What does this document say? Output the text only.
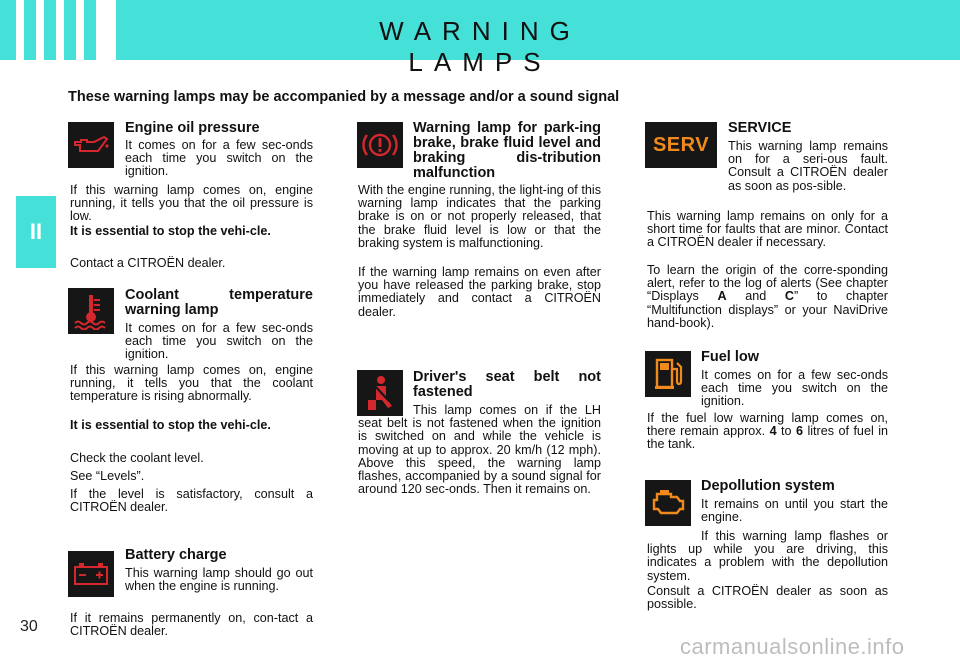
WARNING LAMPS
II
30
carmanualsonline.info
These warning lamps may be accompanied by a message and/or a sound signal
Engine oil pressure

It comes on for a few sec-onds each time you switch on the ignition.

If this warning lamp comes on, engine running, it tells you that the oil pressure is low.

It is essential to stop the vehi-cle.

Contact a CITROËN dealer.

Coolant temperature warning lamp

It comes on for a few sec-onds each time you switch on the ignition.

If this warning lamp comes on, engine running, it tells you that the coolant temperature is rising abnormally.

It is essential to stop the vehi-cle.

Check the coolant level.

See “Levels”.

If the level is satisfactory, consult a CITROËN dealer.

Battery charge

This warning lamp should go out when the engine is running.

If it remains permanently on, con-tact a CITROËN dealer.

Warning lamp for park-ing brake, brake fluid level and braking dis-tribution malfunction

With the engine running, the light-ing of this warning lamp indicates that the parking brake is on or not properly released, that the brake fluid level is low or that the braking system is malfunctioning.

If the warning lamp remains on even after you have released the parking brake, stop immediately and contact a CITROËN dealer.

Driver's seat belt not fastened

This lamp comes on if the LH seat belt is not fastened when the ignition is switched on and while the vehicle is moving at up to approx. 20 km/h (12 mph). Above this speed, the warning lamp flashes, accompanied by a sound signal for around 120 sec-onds. Then it remains on.

SERV
SERVICE

This warning lamp remains on for a seri-ous fault. Consult a CITROËN dealer as soon as pos-sible.

This warning lamp remains on only for a short time for faults that are minor. Contact a CITROËN dealer if necessary.

To learn the origin of the corre-sponding alert, refer to the log of alerts (See chapter “Displays A and C” to chapter “Multifunction displays” or your NaviDrive hand-book).

Fuel low

It comes on for a few sec-onds each time you switch on the ignition.

If the fuel low warning lamp comes on, there remain approx. 4 to 6 litres of fuel in the tank.

Depollution system

It remains on until you start the engine.

If this warning lamp flashes or lights up while you are driving, this indicates a problem with the depollution system.

Consult a CITROËN dealer as soon as possible.
